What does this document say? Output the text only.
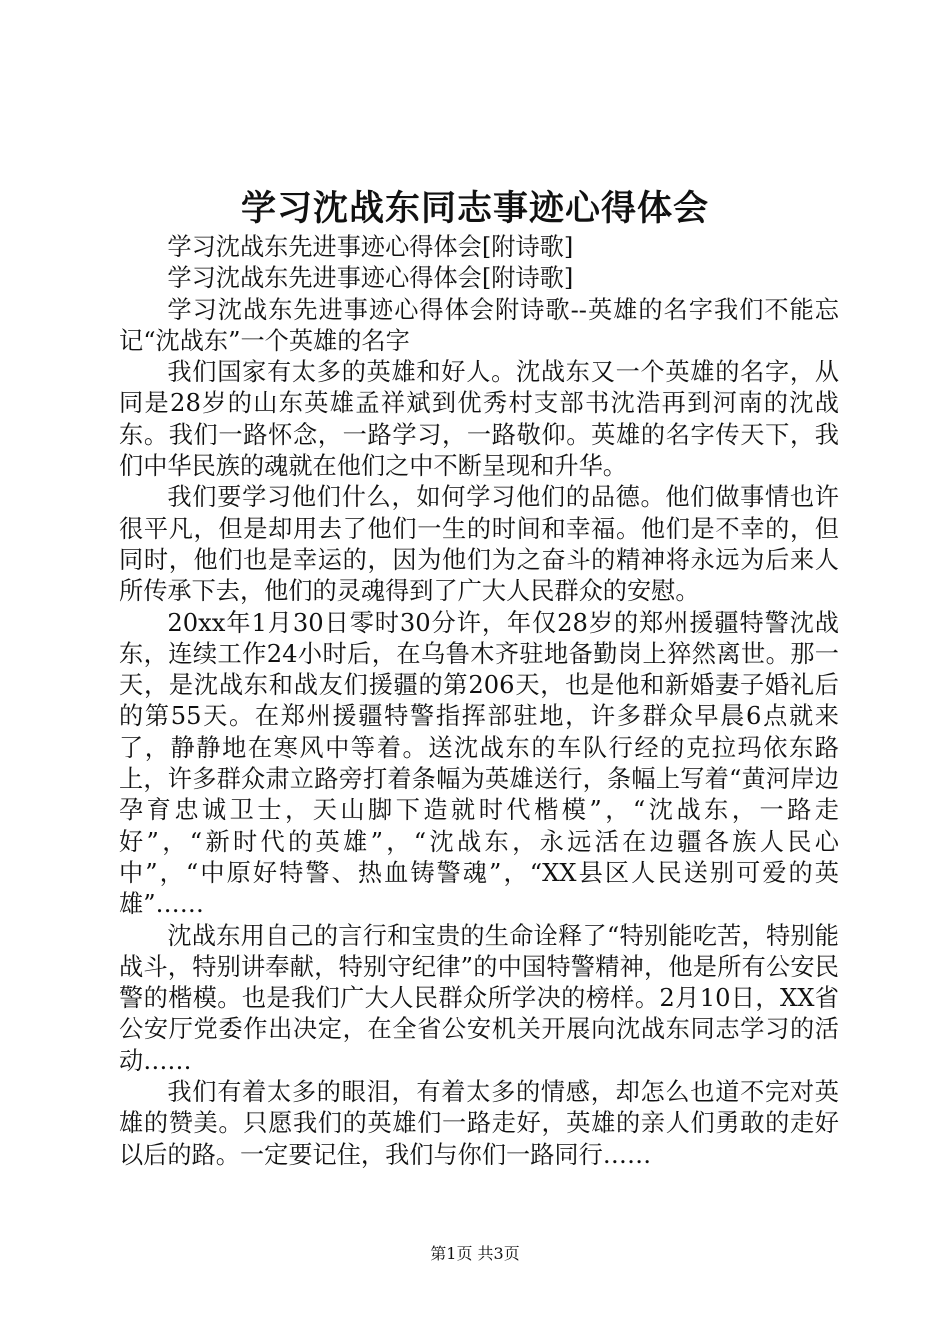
学习沈战东同志事迹心得体会

学习沈战东先进事迹心得体会[附诗歌]

学习沈战东先进事迹心得体会[附诗歌]

学习沈战东先进事迹心得体会附诗歌--英雄的名字我们不能忘记“沈战东”一个英雄的名字

我们国家有太多的英雄和好人。沈战东又一个英雄的名字，从同是28岁的山东英雄孟祥斌到优秀村支部书沈浩再到河南的沈战东。我们一路怀念，一路学习，一路敬仰。英雄的名字传天下，我们中华民族的魂就在他们之中不断呈现和升华。

我们要学习他们什么，如何学习他们的品德。他们做事情也许很平凡，但是却用去了他们一生的时间和幸福。他们是不幸的，但同时，他们也是幸运的，因为他们为之奋斗的精神将永远为后来人所传承下去，他们的灵魂得到了广大人民群众的安慰。

20xx年1月30日零时30分许，年仅28岁的郑州援疆特警沈战东，连续工作24小时后，在乌鲁木齐驻地备勤岗上猝然离世。那一天，是沈战东和战友们援疆的第206天，也是他和新婚妻子婚礼后的第55天。在郑州援疆特警指挥部驻地，许多群众早晨6点就来了，静静地在寒风中等着。送沈战东的车队行经的克拉玛依东路上，许多群众肃立路旁打着条幅为英雄送行，条幅上写着“黄河岸边孕育忠诚卫士，天山脚下造就时代楷模”，“沈战东，一路走好”，“新时代的英雄”，“沈战东，永远活在边疆各族人民心中”，“中原好特警、热血铸警魂”，“XX县区人民送别可爱的英雄”……

沈战东用自己的言行和宝贵的生命诠释了“特别能吃苦，特别能战斗，特别讲奉献，特别守纪律”的中国特警精神，他是所有公安民警的楷模。也是我们广大人民群众所学决的榜样。2月10日，XX省公安厅党委作出决定，在全省公安机关开展向沈战东同志学习的活动……

我们有着太多的眼泪，有着太多的情感，却怎么也道不完对英雄的赞美。只愿我们的英雄们一路走好，英雄的亲人们勇敢的走好以后的路。一定要记住，我们与你们一路同行……

第1页 共3页
